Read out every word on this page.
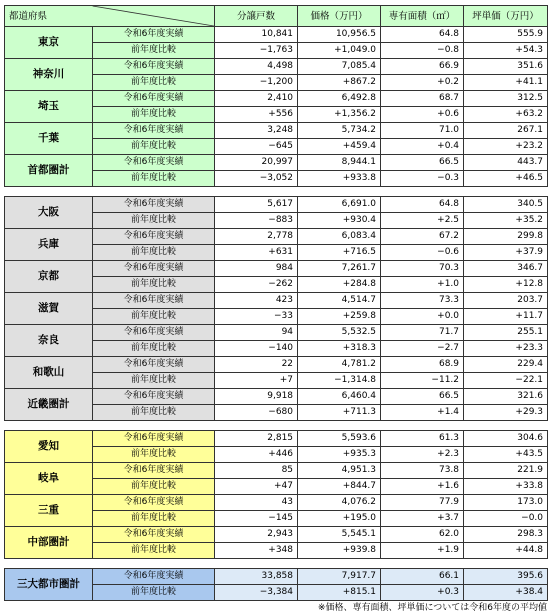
都道府県		分譲戸数	価格（万円）	専有面積（㎡）	坪単価（万円）
東京	令和6年度実績	10,841	10,956.5	64.8	555.9
	前年度比較	−1,763	+1,049.0	−0.8	+54.3
神奈川	令和6年度実績	4,498	7,085.4	66.9	351.6
	前年度比較	−1,200	+867.2	+0.2	+41.1
埼玉	令和6年度実績	2,410	6,492.8	68.7	312.5
	前年度比較	+556	+1,356.2	+0.6	+63.2
千葉	令和6年度実績	3,248	5,734.2	71.0	267.1
	前年度比較	−645	+459.4	+0.4	+23.2
首都圏計	令和6年度実績	20,997	8,944.1	66.5	443.7
	前年度比較	−3,052	+933.8	−0.3	+46.5

大阪	令和6年度実績	5,617	6,691.0	64.8	340.5
	前年度比較	−883	+930.4	+2.5	+35.2
兵庫	令和6年度実績	2,778	6,083.4	67.2	299.8
	前年度比較	+631	+716.5	−0.6	+37.9
京都	令和6年度実績	984	7,261.7	70.3	346.7
	前年度比較	−262	+284.8	+1.0	+12.8
滋賀	令和6年度実績	423	4,514.7	73.3	203.7
	前年度比較	−33	+259.8	+0.0	+11.7
奈良	令和6年度実績	94	5,532.5	71.7	255.1
	前年度比較	−140	+318.3	−2.7	+23.3
和歌山	令和6年度実績	22	4,781.2	68.9	229.4
	前年度比較	+7	−1,314.8	−11.2	−22.1
近畿圏計	令和6年度実績	9,918	6,460.4	66.5	321.6
	前年度比較	−680	+711.3	+1.4	+29.3

愛知	令和6年度実績	2,815	5,593.6	61.3	304.6
	前年度比較	+446	+935.3	+2.3	+43.5
岐阜	令和6年度実績	85	4,951.3	73.8	221.9
	前年度比較	+47	+844.7	+1.6	+33.8
三重	令和6年度実績	43	4,076.2	77.9	173.0
	前年度比較	−145	+195.0	+3.7	−0.0
中部圏計	令和6年度実績	2,943	5,545.1	62.0	298.3
	前年度比較	+348	+939.8	+1.9	+44.8

三大都市圏計	令和6年度実績	33,858	7,917.7	66.1	395.6
	前年度比較	−3,384	+815.1	+0.3	+38.4
※価格、専有面積、坪単価については令和6年度の平均値
